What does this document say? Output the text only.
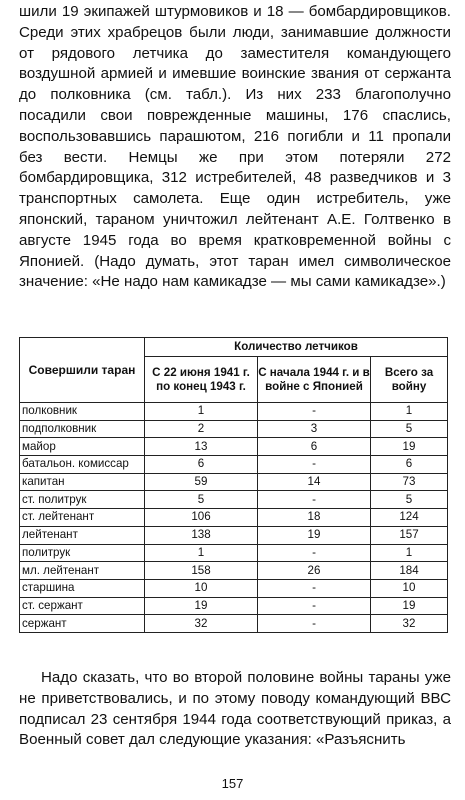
шили 19 экипажей штурмовиков и 18 — бомбардировщиков. Среди этих храбрецов были люди, занимавшие должности от рядового летчика до заместителя командующего воздушной армией и имевшие воинские звания от сержанта до полковника (см. табл.). Из них 233 благополучно посадили свои поврежденные машины, 176 спаслись, воспользовавшись парашютом, 216 погибли и 11 пропали без вести. Немцы же при этом потеряли 272 бомбардировщика, 312 истребителей, 48 разведчиков и 3 транспортных самолета. Еще один истребитель, уже японский, тараном уничтожил лейтенант А.Е. Голтвенко в августе 1945 года во время кратковременной войны с Японией. (Надо думать, этот таран имел символическое значение: «Не надо нам камикадзе — мы сами камикадзе».)

Совершили таран	Количество летчиков		
	С 22 июня 1941 г. по конец 1943 г.	С начала 1944 г. и в войне с Японией	Всего за войну
полковник	1	-	1
подполковник	2	3	5
майор	13	6	19
батальон. комиссар	6	-	6
капитан	59	14	73
ст. политрук	5	-	5
ст. лейтенант	106	18	124
лейтенант	138	19	157
политрук	1	-	1
мл. лейтенант	158	26	184
старшина	10	-	10
ст. сержант	19	-	19
сержант	32	-	32

Надо сказать, что во второй половине войны тараны уже не приветствовались, и по этому поводу командующий ВВС подписал 23 сентября 1944 года соответствующий приказ, а Военный совет дал следующие указания: «Разъяснить

157
